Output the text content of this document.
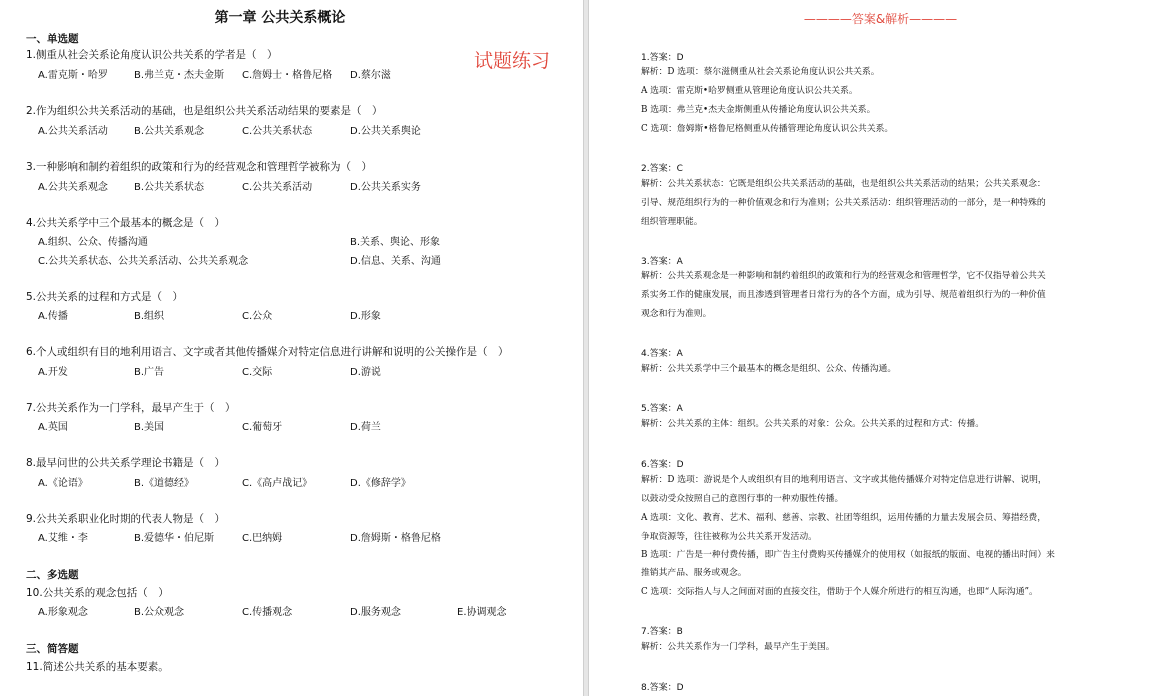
第一章 公共关系概论
试题练习
一、单选题
1.侧重从社会关系论角度认识公共关系的学者是（　）
A.雷克斯・哈罗	B.弗兰克・杰夫金斯 C.詹姆士・格鲁尼格 D.蔡尔滋
2.作为组织公共关系活动的基础，也是组织公共关系活动结果的要素是（　）
A.公共关系活动	B.公共关系观念	C.公共关系状态	D.公共关系舆论
3.一种影响和制约着组织的政策和行为的经营观念和管理哲学被称为（　）
A.公共关系观念	B.公共关系状态	C.公共关系活动	D.公共关系实务
4.公共关系学中三个最基本的概念是（　）
A.组织、公众、传播沟通	B.关系、舆论、形象
C.公共关系状态、公共关系活动、公共关系观念	D.信息、关系、沟通
5.公共关系的过程和方式是（　）
A.传播	B.组织	C.公众	D.形象
6.个人或组织有目的地利用语言、文字或者其他传播媒介对特定信息进行讲解和说明的公关操作是（　）
A.开发	B.广告	C.交际	D.游说
7.公共关系作为一门学科，最早产生于（　）
A.英国	B.美国	C.葡萄牙	D.荷兰
8.最早问世的公共关系学理论书籍是（　）
A.《论语》	B.《道德经》	C.《高卢战记》	D.《修辞学》
9.公共关系职业化时期的代表人物是（　）
A.艾维・李	B.爱德华・伯尼斯	C.巴纳姆	D.詹姆斯・格鲁尼格
二、多选题
10.公共关系的观念包括（　）
A.形象观念	B.公众观念	C.传播观念	D.服务观念	E.协调观念
三、简答题
11.简述公共关系的基本要素。
————答案&解析————
1.答案：D
解析：D 选项：蔡尔滋侧重从社会关系论角度认识公共关系。
A 选项：雷克斯•哈罗侧重从管理论角度认识公共关系。
B 选项：弗兰克•杰夫金斯侧重从传播论角度认识公共关系。
C 选项：詹姆斯•格鲁尼格侧重从传播管理论角度认识公共关系。
2.答案：C
解析：公共关系状态：它既是组织公共关系活动的基础，也是组织公共关系活动的结果；公共关系观念：
引导、规范组织行为的一种价值观念和行为准则；公共关系活动：组织管理活动的一部分，是一种特殊的
组织管理职能。
3.答案：A
解析：公共关系观念是一种影响和制约着组织的政策和行为的经营观念和管理哲学，它不仅指导着公共关
系实务工作的健康发展，而且渗透到管理者日常行为的各个方面，成为引导、规范着组织行为的一种价值
观念和行为准则。
4.答案：A
解析：公共关系学中三个最基本的概念是组织、公众、传播沟通。
5.答案：A
解析：公共关系的主体：组织。公共关系的对象：公众。公共关系的过程和方式：传播。
6.答案：D
解析：D 选项：游说是个人或组织有目的地利用语言、文字或其他传播媒介对特定信息进行讲解、说明，
以鼓动受众按照自己的意图行事的一种劝服性传播。
A 选项：文化、教育、艺术、福利、慈善、宗教、社团等组织，运用传播的力量去发展会员、筹措经费，
争取资源等，往往被称为公共关系开发活动。
B 选项：广告是一种付费传播，即广告主付费购买传播媒介的使用权（如报纸的版面、电视的播出时间）来
推销其产品、服务或观念。
C 选项：交际指人与人之间面对面的直接交往，借助于个人媒介所进行的相互沟通，也即“人际沟通”。
7.答案：B
解析：公共关系作为一门学科，最早产生于美国。
8.答案：D
